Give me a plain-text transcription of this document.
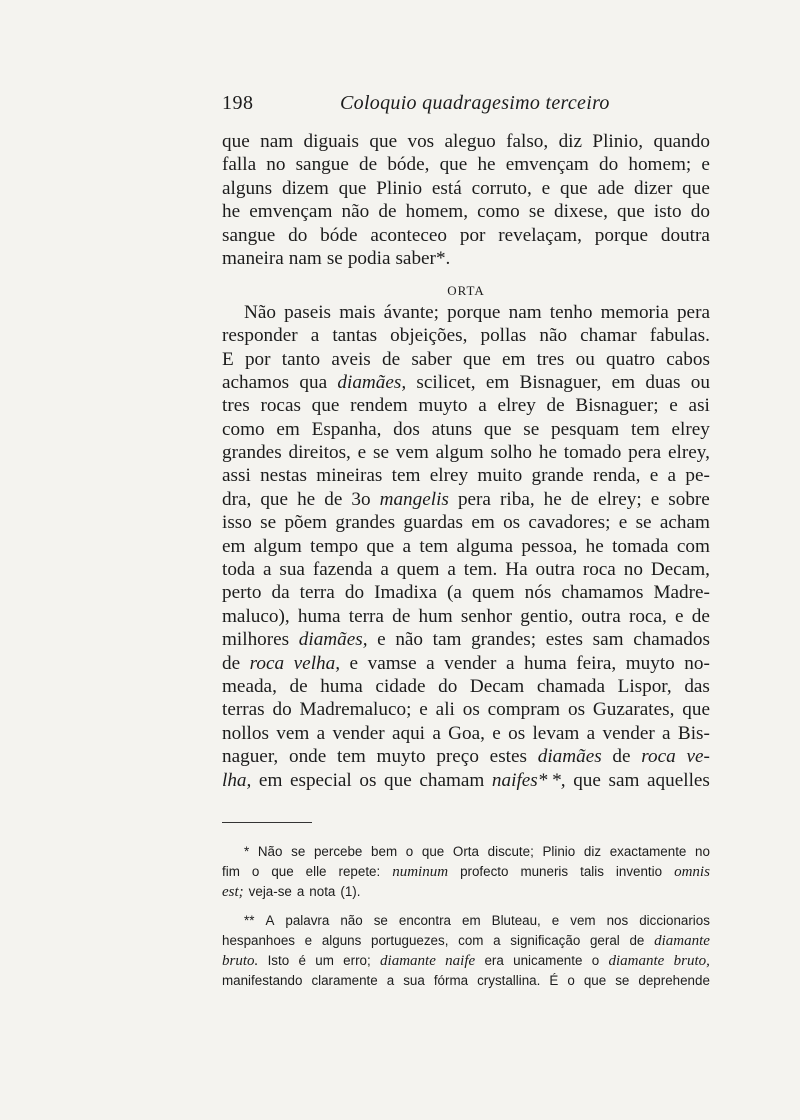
198	Coloquio quadragesimo terceiro
que nam diguais que vos aleguo falso, diz Plinio, quando
falla no sangue de bóde, que he emvençam do homem; e
alguns dizem que Plinio está corruto, e que ade dizer que
he emvençam não de homem, como se dixese, que isto do
sangue do bóde aconteceo por revelaçam, porque doutra
maneira nam se podia saber*.
ORTA
Não paseis mais ávante; porque nam tenho memoria pera
responder a tantas objeições, pollas não chamar fabulas.
E por tanto aveis de saber que em tres ou quatro cabos
achamos qua diamães, scilicet, em Bisnaguer, em duas ou
tres rocas que rendem muyto a elrey de Bisnaguer; e asi
como em Espanha, dos atuns que se pesquam tem elrey
grandes direitos, e se vem algum solho he tomado pera elrey,
assi nestas mineiras tem elrey muito grande renda, e a pe-
dra, que he de 3o mangelis pera riba, he de elrey; e sobre
isso se põem grandes guardas em os cavadores; e se acham
em algum tempo que a tem alguma pessoa, he tomada com
toda a sua fazenda a quem a tem. Ha outra roca no Decam,
perto da terra do Imadixa (a quem nós chamamos Madre-
maluco), huma terra de hum senhor gentio, outra roca, e de
milhores diamães, e não tam grandes; estes sam chamados
de roca velha, e vamse a vender a huma feira, muyto no-
meada, de huma cidade do Decam chamada Lispor, das
terras do Madremaluco; e ali os compram os Guzarates, que
nollos vem a vender aqui a Goa, e os levam a vender a Bis-
naguer, onde tem muyto preço estes diamães de roca ve-
lha, em especial os que chamam naifes* *, que sam aquelles
* Não se percebe bem o que Orta discute; Plinio diz exactamente no
fim o que elle repete: numinum profecto muneris talis inventio omnis
est; veja-se a nota (1).
** A palavra não se encontra em Bluteau, e vem nos diccionarios
hespanhoes e alguns portuguezes, com a significação geral de diamante
bruto. Isto é um erro; diamante naife era unicamente o diamante bruto,
manifestando claramente a sua fórma crystallina. É o que se deprehende
